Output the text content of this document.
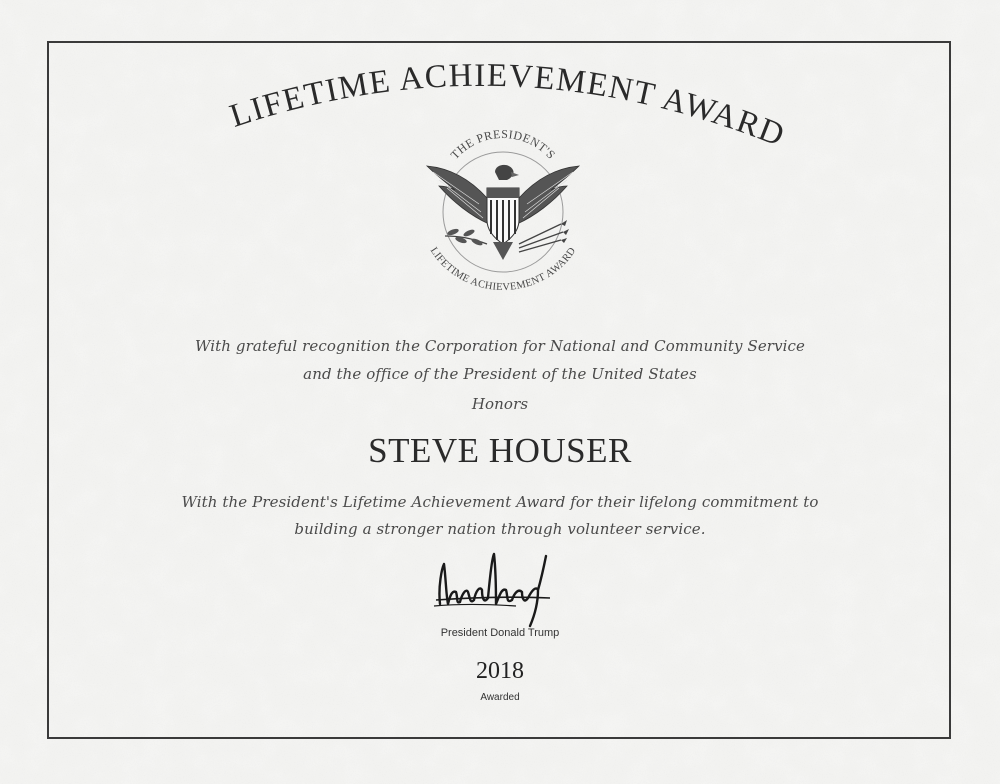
LIFETIME ACHIEVEMENT AWARD
THE PRESIDENT'S
LIFETIME ACHIEVEMENT AWARD
With grateful recognition the Corporation for National and Community Service
and the office of the President of the United States
Honors
STEVE HOUSER
With the President's Lifetime Achievement Award for their lifelong commitment to
building a stronger nation through volunteer service.
President Donald Trump
2018
Awarded
